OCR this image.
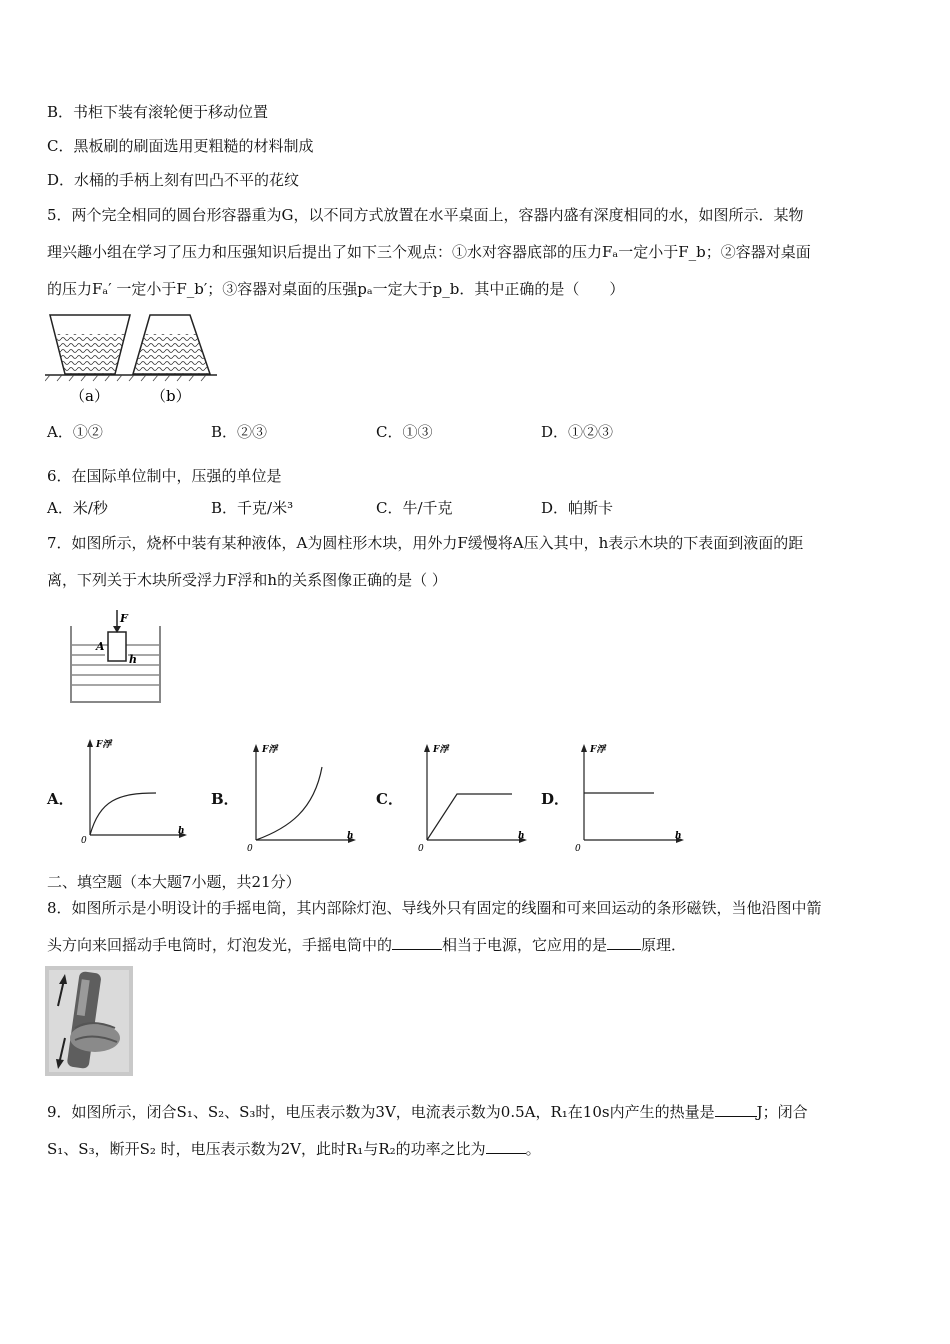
B．书柜下装有滚轮便于移动位置
C．黑板刷的刷面选用更粗糙的材料制成
D．水桶的手柄上刻有凹凸不平的花纹
5．两个完全相同的圆台形容器重为G，以不同方式放置在水平桌面上，容器内盛有深度相同的水，如图所示．某物
理兴趣小组在学习了压力和压强知识后提出了如下三个观点：①水对容器底部的压力Fₐ一定小于F_b；②容器对桌面
的压力Fₐ′ 一定小于F_b′；③容器对桌面的压强pₐ一定大于p_b．其中正确的是（　　）
（a）	（b）
A．①②	B．②③	C．①③	D．①②③
6．在国际单位制中，压强的单位是
A．米/秒	B．千克/米³	C．牛/千克	D．帕斯卡
7．如图所示，烧杯中装有某种液体，A为圆柱形木块，用外力F缓慢将A压入其中，h表示木块的下表面到液面的距
离，下列关于木块所受浮力F浮和h的关系图像正确的是（ ）
F
A
h
A．
F浮
h
0
B．
F浮
h
0
C．
F浮
h
0
D．
F浮
h
0
二、填空题（本大题7小题，共21分）
8．如图所示是小明设计的手摇电筒，其内部除灯泡、导线外只有固定的线圈和可来回运动的条形磁铁，当他沿图中箭
头方向来回摇动手电筒时，灯泡发光，手摇电筒中的	相当于电源，它应用的是 原理．
9．如图所示，闭合S₁、S₂、S₃时，电压表示数为3V，电流表示数为0.5A，R₁在10s内产生的热量是	J；闭合
S₁、S₃，断开S₂ 时，电压表示数为2V，此时R₁与R₂的功率之比为	。
